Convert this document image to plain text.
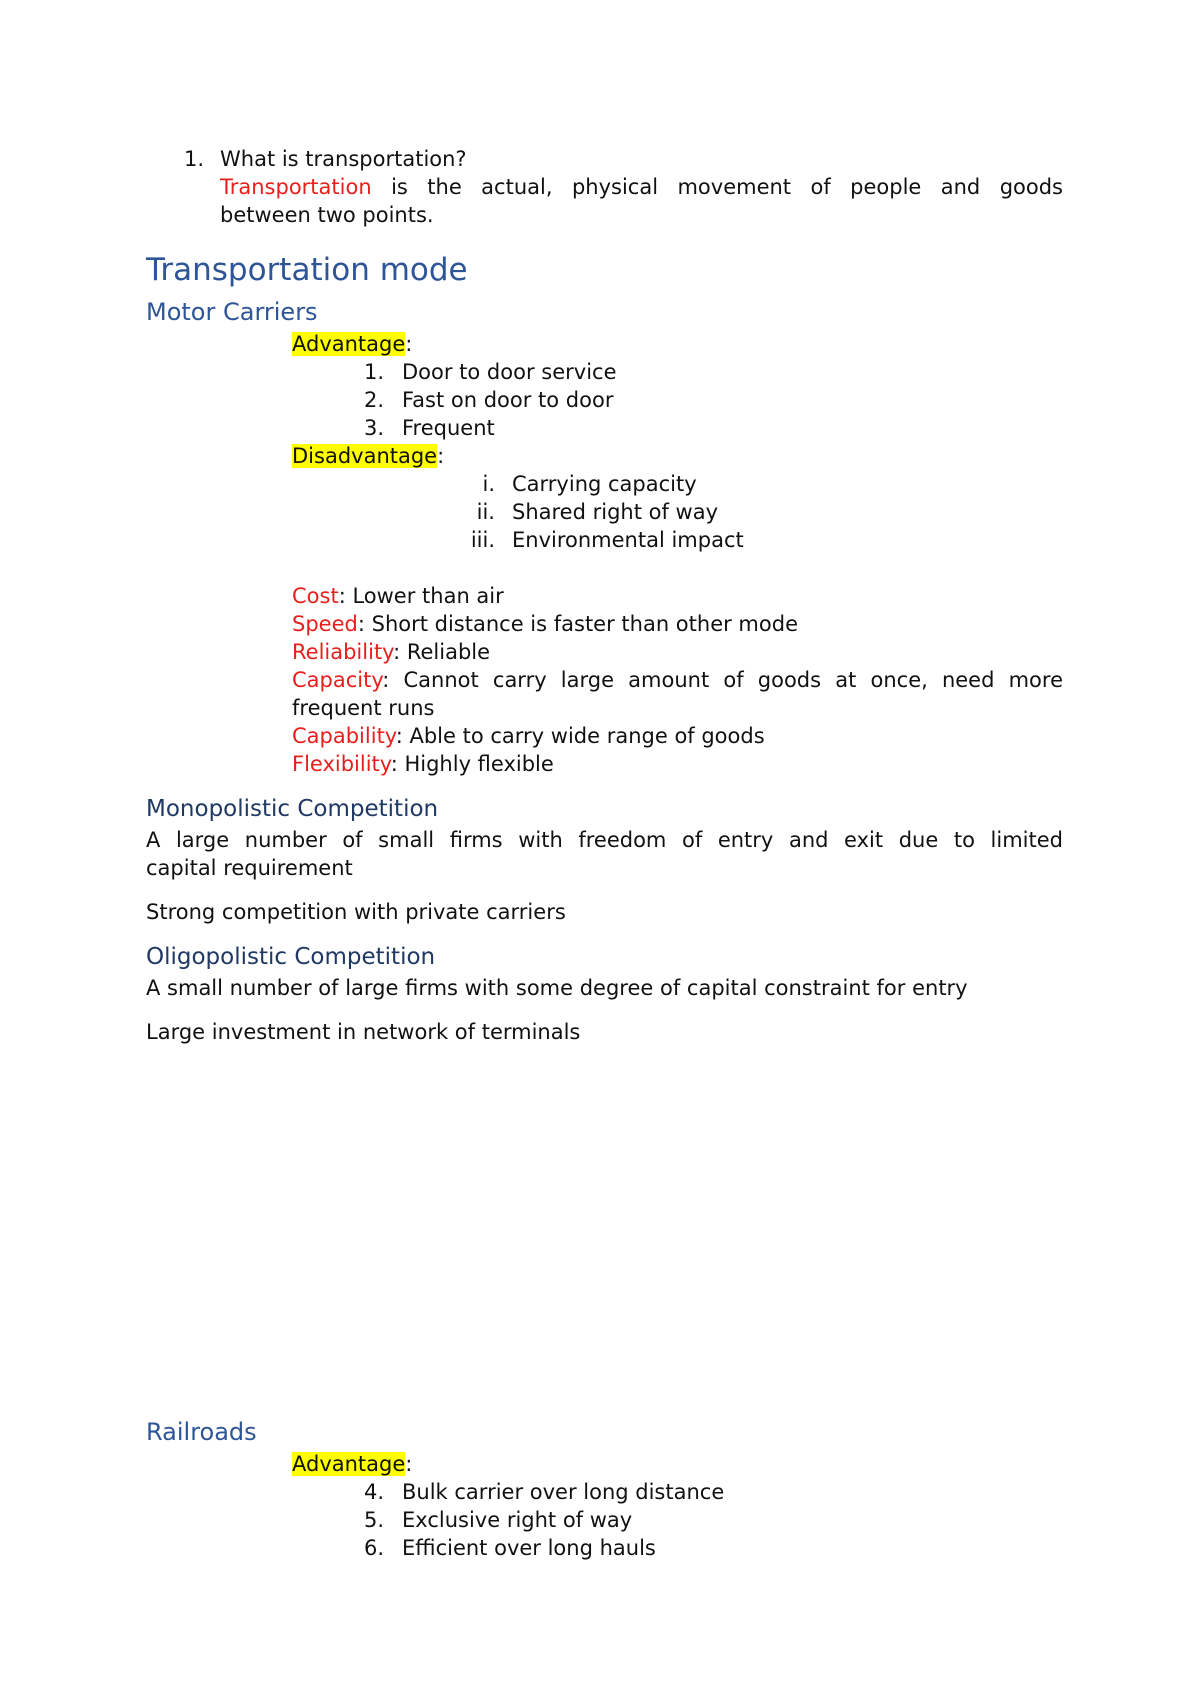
1. What is transportation?
Transportation is the actual, physical movement of people and goods
between two points.
Transportation mode
Motor Carriers
Advantage:
1. Door to door service
2. Fast on door to door
3. Frequent
Disadvantage:
i. Carrying capacity
ii. Shared right of way
iii. Environmental impact
Cost: Lower than air
Speed: Short distance is faster than other mode
Reliability: Reliable
Capacity: Cannot carry large amount of goods at once, need more
frequent runs
Capability: Able to carry wide range of goods
Flexibility: Highly flexible
Monopolistic Competition
A large number of small firms with freedom of entry and exit due to limited
capital requirement
Strong competition with private carriers
Oligopolistic Competition
A small number of large firms with some degree of capital constraint for entry
Large investment in network of terminals
Railroads
Advantage:
4. Bulk carrier over long distance
5. Exclusive right of way
6. Efficient over long hauls
